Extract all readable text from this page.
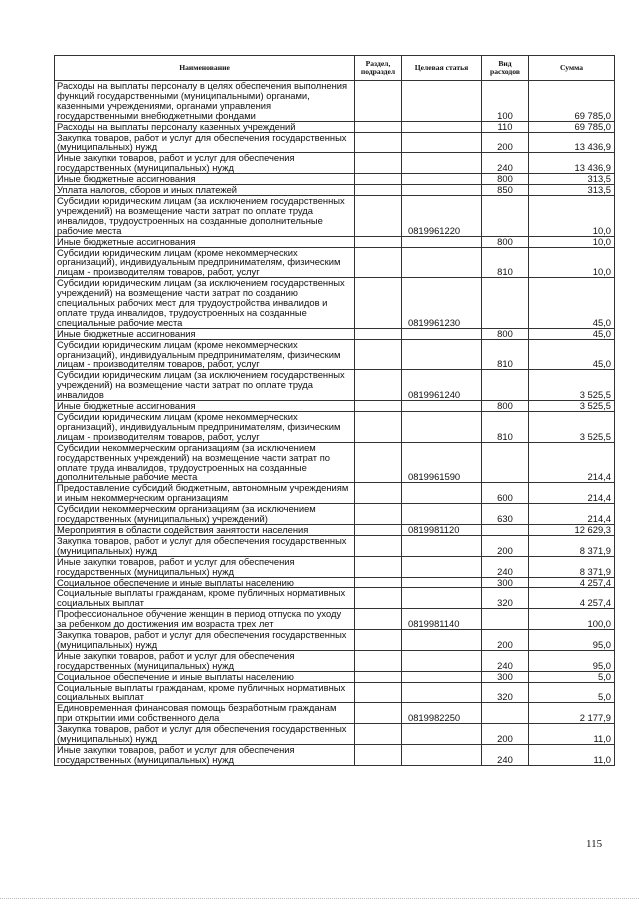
Наименование	Раздел, подраздел	Целевая статья	Вид расходов	Сумма
Расходы на выплаты персоналу в целях обеспечения выполнения функций государственными (муниципальными) органами, казенными учреждениями, органами управления государственными внебюджетными фондами			100	69 785,0
Расходы на выплаты персоналу казенных учреждений			110	69 785,0
Закупка товаров, работ и услуг для обеспечения государственных (муниципальных) нужд			200	13 436,9
Иные закупки товаров, работ и услуг для обеспечения государственных (муниципальных) нужд			240	13 436,9
Иные бюджетные ассигнования			800	313,5
Уплата налогов, сборов и иных платежей			850	313,5
Субсидии юридическим лицам (за исключением государственных учреждений) на возмещение части затрат по оплате труда инвалидов, трудоустроенных на созданные дополнительные рабочие места		0819961220		10,0
Иные бюджетные ассигнования			800	10,0
Субсидии юридическим лицам (кроме некоммерческих организаций), индивидуальным предпринимателям, физическим лицам - производителям товаров, работ, услуг			810	10,0
Субсидии юридическим лицам (за исключением государственных учреждений) на возмещение части затрат по созданию специальных рабочих мест для трудоустройства инвалидов и оплате труда инвалидов, трудоустроенных на созданные специальные рабочие места		0819961230		45,0
Иные бюджетные ассигнования			800	45,0
Субсидии юридическим лицам (кроме некоммерческих организаций), индивидуальным предпринимателям, физическим лицам - производителям товаров, работ, услуг			810	45,0
Субсидии юридическим лицам (за исключением государственных учреждений) на возмещение части затрат по оплате труда инвалидов		0819961240		3 525,5
Иные бюджетные ассигнования			800	3 525,5
Субсидии юридическим лицам (кроме некоммерческих организаций), индивидуальным предпринимателям, физическим лицам - производителям товаров, работ, услуг			810	3 525,5
Субсидии некоммерческим организациям (за исключением государственных учреждений) на возмещение части затрат по оплате труда инвалидов, трудоустроенных на созданные дополнительные рабочие места		0819961590		214,4
Предоставление субсидий бюджетным, автономным учреждениям и иным некоммерческим организациям			600	214,4
Субсидии некоммерческим организациям (за исключением государственных (муниципальных) учреждений)			630	214,4
Мероприятия в области содействия занятости населения		0819981120		12 629,3
Закупка товаров, работ и услуг для обеспечения государственных (муниципальных) нужд			200	8 371,9
Иные закупки товаров, работ и услуг для обеспечения государственных (муниципальных) нужд			240	8 371,9
Социальное обеспечение и иные выплаты населению			300	4 257,4
Социальные выплаты гражданам, кроме публичных нормативных социальных выплат			320	4 257,4
Профессиональное обучение женщин в период отпуска по уходу за ребенком до достижения им возраста трех лет		0819981140		100,0
Закупка товаров, работ и услуг для обеспечения государственных (муниципальных) нужд			200	95,0
Иные закупки товаров, работ и услуг для обеспечения государственных (муниципальных) нужд			240	95,0
Социальное обеспечение и иные выплаты населению			300	5,0
Социальные выплаты гражданам, кроме публичных нормативных социальных выплат			320	5,0
Единовременная финансовая помощь безработным гражданам при открытии ими собственного дела		0819982250		2 177,9
Закупка товаров, работ и услуг для обеспечения государственных (муниципальных) нужд			200	11,0
Иные закупки товаров, работ и услуг для обеспечения государственных (муниципальных) нужд			240	11,0
115
